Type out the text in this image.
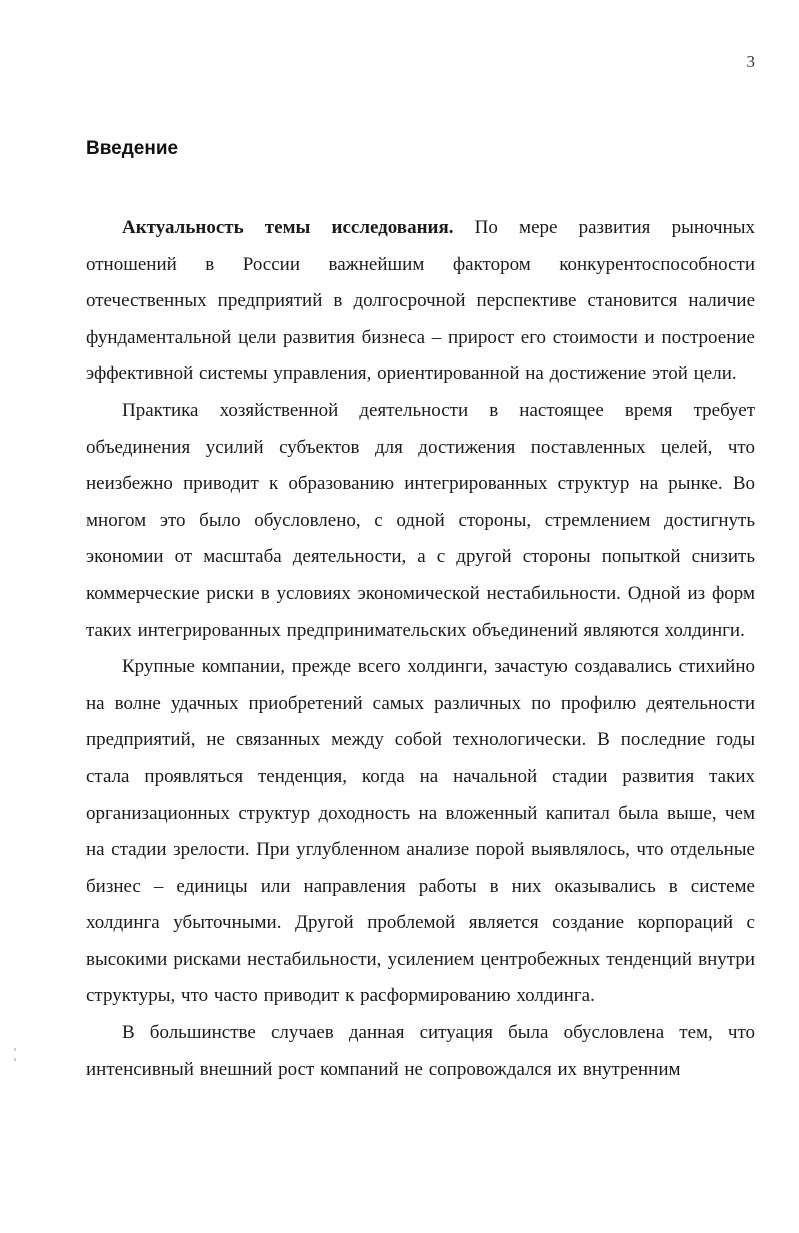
3
Введение

Актуальность темы исследования. По мере развития рыночных отношений в России важнейшим фактором конкурентоспособности отечественных предприятий в долгосрочной перспективе становится наличие фундаментальной цели развития бизнеса – прирост его стоимости и построение эффективной системы управления, ориентированной на достижение этой цели.

Практика хозяйственной деятельности в настоящее время требует объединения усилий субъектов для достижения поставленных целей, что неизбежно приводит к образованию интегрированных структур на рынке. Во многом это было обусловлено, с одной стороны, стремлением достигнуть экономии от масштаба деятельности, а с другой стороны попыткой снизить коммерческие риски в условиях экономической нестабильности. Одной из форм таких интегрированных предпринимательских объединений являются холдинги.

Крупные компании, прежде всего холдинги, зачастую создавались стихийно на волне удачных приобретений самых различных по профилю деятельности предприятий, не связанных между собой технологически. В последние годы стала проявляться тенденция, когда на начальной стадии развития таких организационных структур доходность на вложенный капитал была выше, чем на стадии зрелости. При углубленном анализе порой выявлялось, что отдельные бизнес – единицы или направления работы в них оказывались в системе холдинга убыточными. Другой проблемой является создание корпораций с высокими рисками нестабильности, усилением центробежных тенденций внутри структуры, что часто приводит к расформированию холдинга.

В большинстве случаев данная ситуация была обусловлена тем, что интенсивный внешний рост компаний не сопровождался их внутренним
